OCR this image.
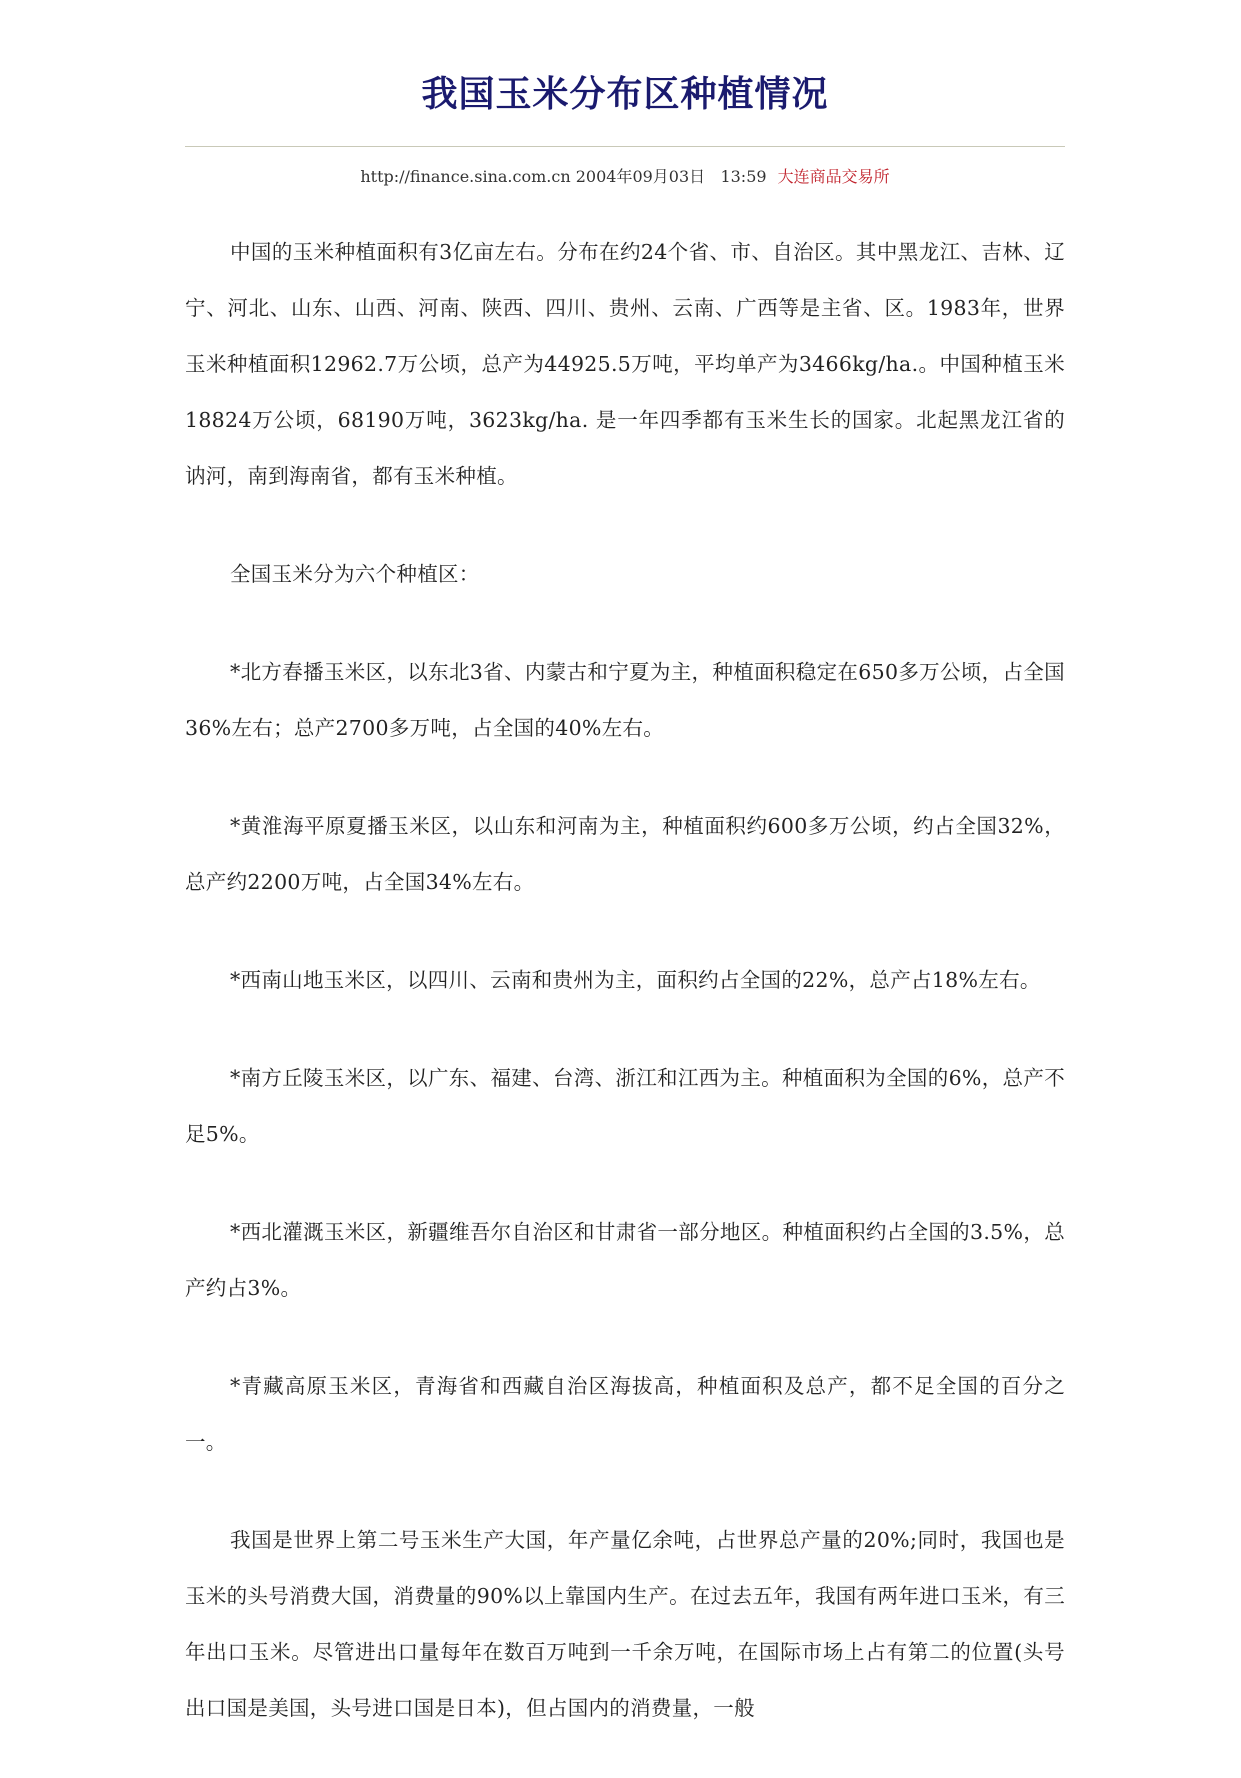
我国玉米分布区种植情况
http://finance.sina.com.cn 2004年09月03日 13:59 大连商品交易所

中国的玉米种植面积有3亿亩左右。分布在约24个省、市、自治区。其中黑龙江、吉林、辽宁、河北、山东、山西、河南、陕西、四川、贵州、云南、广西等是主省、区。1983年，世界玉米种植面积12962.7万公顷，总产为44925.5万吨，平均单产为3466kg/ha.。中国种植玉米18824万公顷，68190万吨，3623kg/ha. 是一年四季都有玉米生长的国家。北起黑龙江省的讷河，南到海南省，都有玉米种植。

全国玉米分为六个种植区：

*北方春播玉米区，以东北3省、内蒙古和宁夏为主，种植面积稳定在650多万公顷，占全国36%左右；总产2700多万吨，占全国的40%左右。

*黄淮海平原夏播玉米区，以山东和河南为主，种植面积约600多万公顷，约占全国32%，总产约2200万吨，占全国34%左右。

*西南山地玉米区，以四川、云南和贵州为主，面积约占全国的22%，总产占18%左右。

*南方丘陵玉米区，以广东、福建、台湾、浙江和江西为主。种植面积为全国的6%，总产不足5%。

*西北灌溉玉米区，新疆维吾尔自治区和甘肃省一部分地区。种植面积约占全国的3.5%，总产约占3%。

*青藏高原玉米区，青海省和西藏自治区海拔高，种植面积及总产，都不足全国的百分之一。

我国是世界上第二号玉米生产大国，年产量亿余吨，占世界总产量的20%;同时，我国也是玉米的头号消费大国，消费量的90%以上靠国内生产。在过去五年，我国有两年进口玉米，有三年出口玉米。尽管进出口量每年在数百万吨到一千余万吨，在国际市场上占有第二的位置(头号出口国是美国，头号进口国是日本)，但占国内的消费量，一般
